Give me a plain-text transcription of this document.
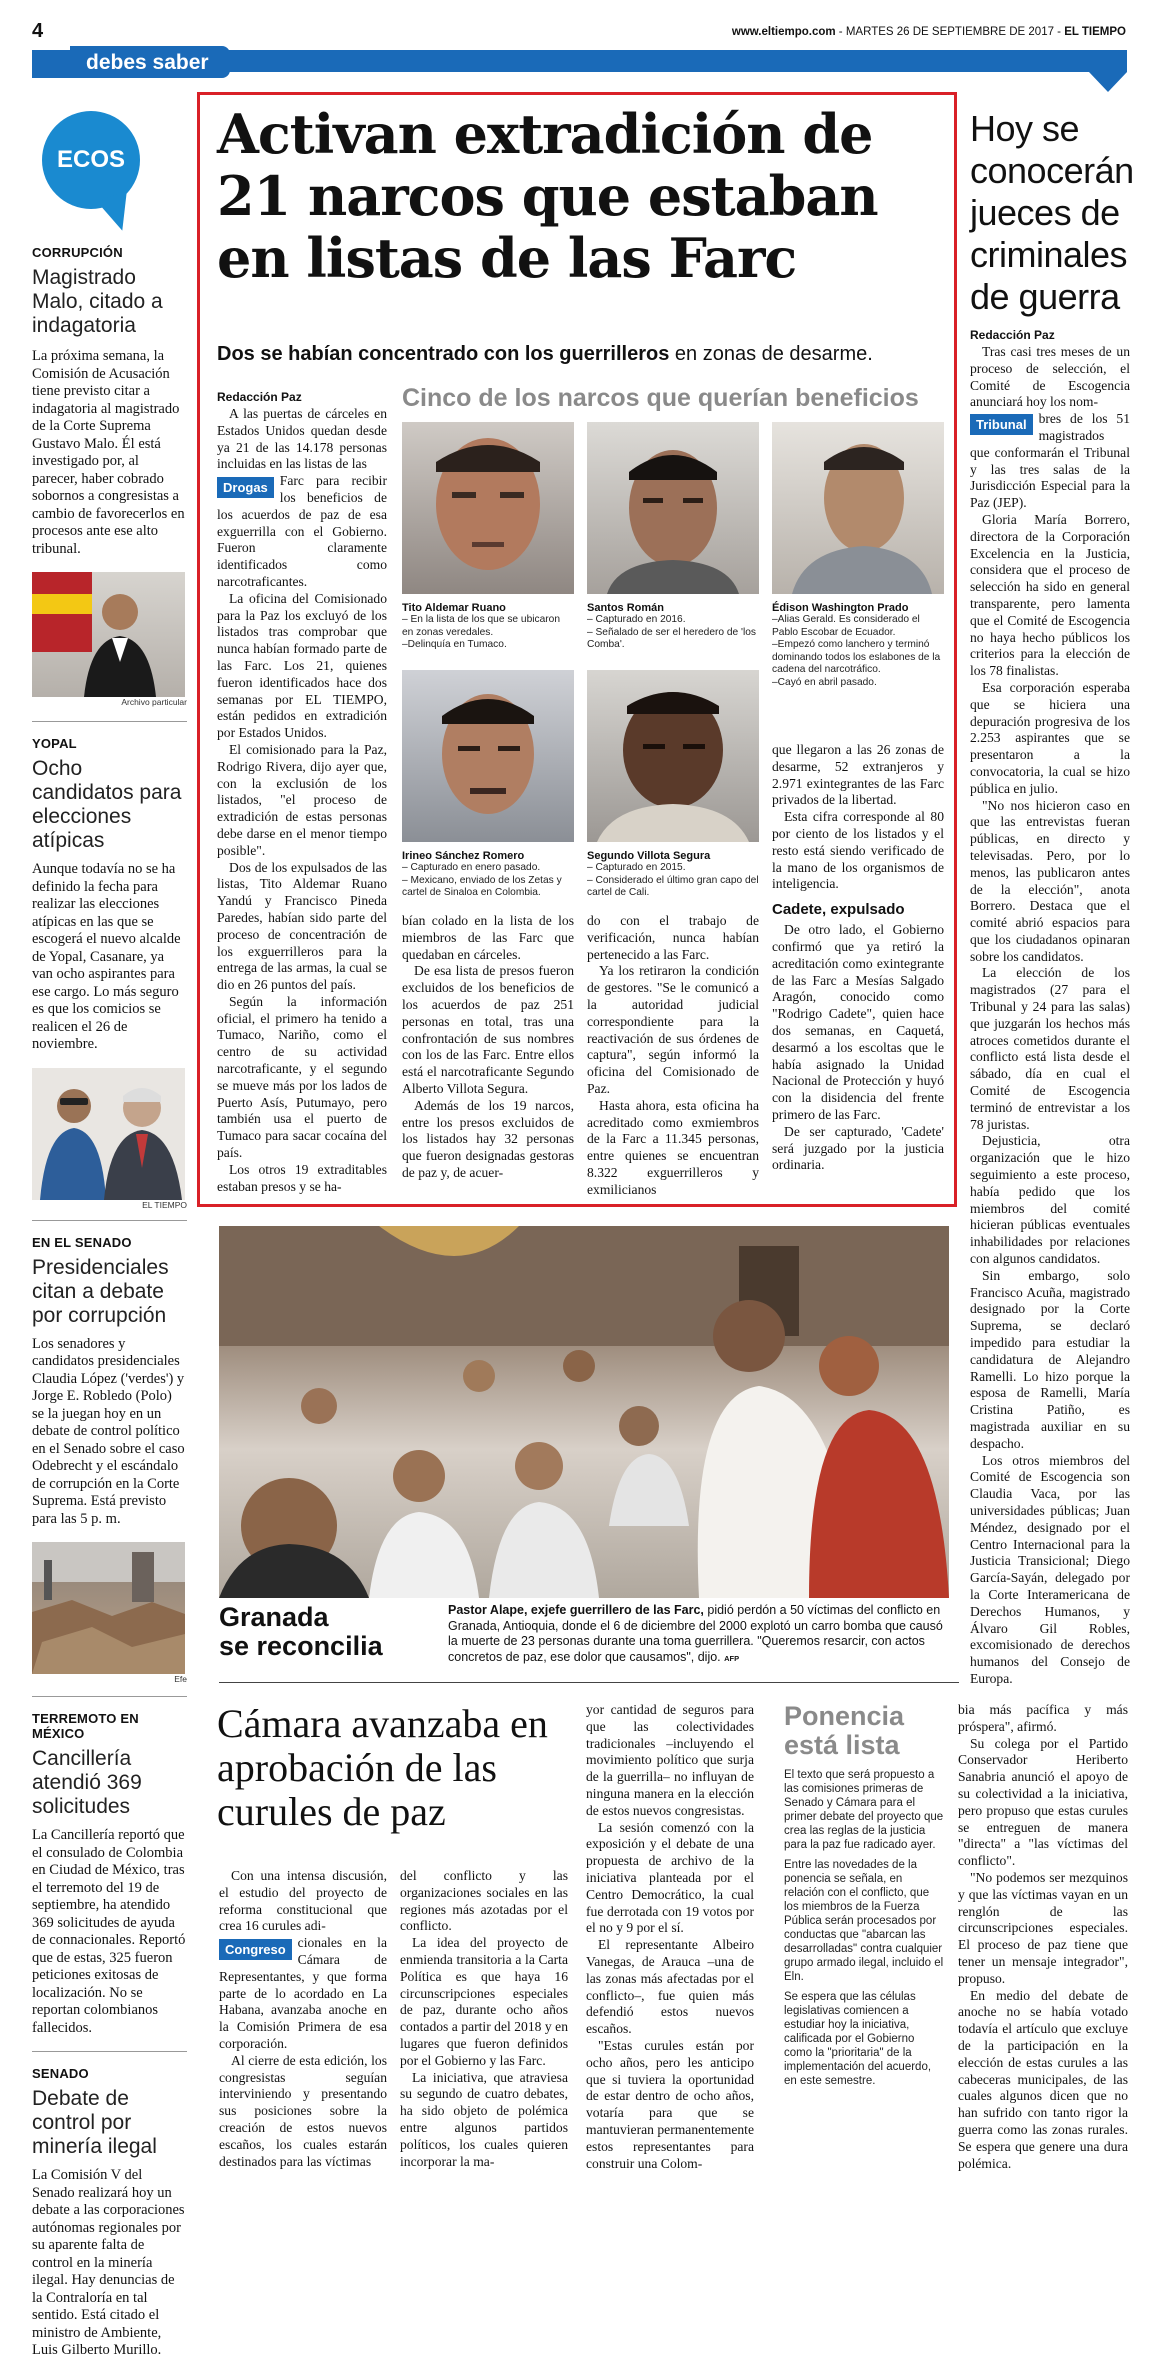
4	www.eltiempo.com - MARTES 26 DE SEPTIEMBRE DE 2017 - EL TIEMPO
debes saber
ECOS
CORRUPCIÓN
Magistrado Malo, citado a indagatoria
La próxima semana, la Comisión de Acusación tiene previsto citar a indagatoria al magistrado de la Corte Suprema Gustavo Malo. Él está investigado por, al parecer, haber cobrado sobornos a congresistas a cambio de favorecerlos en procesos ante ese alto tribunal.
Archivo particular
YOPAL
Ocho candidatos para elecciones atípicas
Aunque todavía no se ha definido la fecha para realizar las elecciones atípicas en las que se escogerá el nuevo alcalde de Yopal, Casanare, ya van ocho aspirantes para ese cargo. Lo más seguro es que los comicios se realicen el 26 de noviembre.
EL TIEMPO
EN EL SENADO
Presidenciales citan a debate por corrupción
Los senadores y candidatos presidenciales Claudia López ('verdes') y Jorge E. Robledo (Polo) se la juegan hoy en un debate de control político en el Senado sobre el caso Odebrecht y el escándalo de corrupción en la Corte Suprema. Está previsto para las 5 p. m.
Efe
TERREMOTO EN MÉXICO
Cancillería atendió 369 solicitudes
La Cancillería reportó que el consulado de Colombia en Ciudad de México, tras el terremoto del 19 de septiembre, ha atendido 369 solicitudes de ayuda de connacionales. Reportó que de estas, 325 fueron peticiones exitosas de localización. No se reportan colombianos fallecidos.
SENADO
Debate de control por minería ilegal
La Comisión V del Senado realizará hoy un debate a las corporaciones autónomas regionales por su aparente falta de control en la minería ilegal. Hay denuncias de la Contraloría en tal sentido. Está citado el ministro de Ambiente, Luis Gilberto Murillo.
Activan extradición de 21 narcos que estaban en listas de las Farc
Dos se habían concentrado con los guerrilleros en zonas de desarme.
Redacción Paz

A las puertas de cárceles en Estados Unidos quedan desde ya 21 de las 14.178 personas incluidas en las listas de las

Drogas Farc para recibir los beneficios de los acuerdos de paz de esa exguerrilla con el Gobierno. Fueron claramente identificados como narcotraficantes.

La oficina del Comisionado para la Paz los excluyó de los listados tras comprobar que nunca habían formado parte de las Farc. Los 21, quienes fueron identificados hace dos semanas por EL TIEMPO, están pedidos en extradición por Estados Unidos.

El comisionado para la Paz, Rodrigo Rivera, dijo ayer que, con la exclusión de los listados, "el proceso de extradición de estas personas debe darse en el menor tiempo posible".

Dos de los expulsados de las listas, Tito Aldemar Ruano Yandú y Francisco Pineda Paredes, habían sido parte del proceso de concentración de los exguerrilleros para la entrega de las armas, la cual se dio en 26 puntos del país.

Según la información oficial, el primero ha tenido a Tumaco, Nariño, como el centro de su actividad narcotraficante, y el segundo se mueve más por los lados de Puerto Asís, Putumayo, pero también usa el puerto de Tumaco para sacar cocaína del país.

Los otros 19 extraditables estaban presos y se ha-

Cinco de los narcos que querían beneficios
Tito Aldemar Ruano
– En la lista de los que se ubicaron en zonas veredales.
–Delinquía en Tumaco.
Santos Román
– Capturado en 2016.
– Señalado de ser el heredero de 'los Comba'.
Édison Washington Prado
–Alias Gerald. Es considerado el Pablo Escobar de Ecuador.
–Empezó como lanchero y terminó dominando todos los eslabones de la cadena del narcotráfico.
–Cayó en abril pasado.
Irineo Sánchez Romero
– Capturado en enero pasado.
– Mexicano, enviado de los Zetas y cartel de Sinaloa en Colombia.
Segundo Villota Segura
– Capturado en 2015.
– Considerado el último gran capo del cartel de Cali.

bían colado en la lista de los miembros de las Farc que quedaban en cárceles.

De esa lista de presos fueron excluidos de los beneficios de los acuerdos de paz 251 personas en total, tras una confrontación de sus nombres con los de las Farc. Entre ellos está el narcotraficante Segundo Alberto Villota Segura.

Además de los 19 narcos, entre los presos excluidos de los listados hay 32 personas que fueron designadas gestoras de paz y, de acuer-

do con el trabajo de verificación, nunca habían pertenecido a las Farc.

Ya los retiraron la condición de gestores. "Se le comunicó a la autoridad judicial correspondiente para la reactivación de sus órdenes de captura", según informó la oficina del Comisionado de Paz.

Hasta ahora, esta oficina ha acreditado como exmiembros de la Farc a 11.345 personas, entre quienes se encuentran 8.322 exguerrilleros y exmilicianos

que llegaron a las 26 zonas de desarme, 52 extranjeros y 2.971 exintegrantes de las Farc privados de la libertad.

Esta cifra corresponde al 80 por ciento de los listados y el resto está siendo verificado de la mano de los organismos de inteligencia.

Cadete, expulsado

De otro lado, el Gobierno confirmó que ya retiró la acreditación como exintegrante de las Farc a Mesías Salgado Aragón, conocido como "Rodrigo Cadete", quien hace dos semanas, en Caquetá, desarmó a los escoltas que le había asignado la Unidad Nacional de Protección y huyó con la disidencia del frente primero de las Farc.

De ser capturado, 'Cadete' será juzgado por la justicia ordinaria.

Hoy se conocerán jueces de criminales de guerra
Redacción Paz

Tras casi tres meses de un proceso de selección, el Comité de Escogencia anunciará hoy los nom-

Tribunal bres de los 51 magistrados

que conformarán el Tribunal y las tres salas de la Jurisdicción Especial para la Paz (JEP).

Gloria María Borrero, directora de la Corporación Excelencia en la Justicia, considera que el proceso de selección ha sido en general transparente, pero lamenta que el Comité de Escogencia no haya hecho públicos los criterios para la elección de los 78 finalistas.

Esa corporación esperaba que se hiciera una depuración progresiva de los 2.253 aspirantes que se presentaron a la convocatoria, la cual se hizo pública en julio.

"No nos hicieron caso en que las entrevistas fueran públicas, en directo y televisadas. Pero, por lo menos, las publicaron antes de la elección", anota Borrero. Destaca que el comité abrió espacios para que los ciudadanos opinaran sobre los candidatos.

La elección de los magistrados (27 para el Tribunal y 24 para las salas) que juzgarán los hechos más atroces cometidos durante el conflicto está lista desde el sábado, día en cual el Comité de Escogencia terminó de entrevistar a los 78 juristas.

Dejusticia, otra organización que le hizo seguimiento a este proceso, había pedido que los miembros del comité hicieran públicas eventuales inhabilidades por relaciones con algunos candidatos.

Sin embargo, solo Francisco Acuña, magistrado designado por la Corte Suprema, se declaró impedido para estudiar la candidatura de Alejandro Ramelli. Lo hizo porque la esposa de Ramelli, María Cristina Patiño, es magistrada auxiliar en su despacho.

Los otros miembros del Comité de Escogencia son Claudia Vaca, por las universidades públicas; Juan Méndez, designado por el Centro Internacional para la Justicia Transicional; Diego García-Sayán, delegado por la Corte Interamericana de Derechos Humanos, y Álvaro Gil Robles, excomisionado de derechos humanos del Consejo de Europa.

Granada
se reconcilia
Pastor Alape, exjefe guerrillero de las Farc, pidió perdón a 50 víctimas del conflicto en Granada, Antioquia, donde el 6 de diciembre del 2000 explotó un carro bomba que causó la muerte de 23 personas durante una toma guerrillera. "Queremos resarcir, con actos concretos de paz, ese dolor que causamos", dijo. AFP
Cámara avanzaba en aprobación de las curules de paz

Con una intensa discusión, el estudio del proyecto de reforma constitucional que crea 16 curules adi-

Congreso cionales en la Cámara de Representantes, y que forma parte de lo acordado en La Habana, avanzaba anoche en la Comisión Primera de esa corporación.

Al cierre de esta edición, los congresistas seguían interviniendo y presentando sus posiciones sobre la creación de estos nuevos escaños, los cuales estarán destinados para las víctimas

del conflicto y las organizaciones sociales en las regiones más azotadas por el conflicto.

La idea del proyecto de enmienda transitoria a la Carta Política es que haya 16 circunscripciones especiales de paz, durante ocho años contados a partir del 2018 y en lugares que fueron definidos por el Gobierno y las Farc.

La iniciativa, que atraviesa su segundo de cuatro debates, ha sido objeto de polémica entre algunos partidos políticos, los cuales quieren incorporar la ma-

yor cantidad de seguros para que las colectividades tradicionales –incluyendo el movimiento político que surja de la guerrilla– no influyan de ninguna manera en la elección de estos nuevos congresistas.

La sesión comenzó con la exposición y el debate de una propuesta de archivo de la iniciativa planteada por el Centro Democrático, la cual fue derrotada con 19 votos por el no y 9 por el sí.

El representante Albeiro Vanegas, de Arauca –una de las zonas más afectadas por el conflicto–, fue quien más defendió estos nuevos escaños.

"Estas curules están por ocho años, pero les anticipo que si tuviera la oportunidad de estar dentro de ocho años, votaría para que se mantuvieran permanentemente estos representantes para construir una Colom-

Ponencia está lista

El texto que será propuesto a las comisiones primeras de Senado y Cámara para el primer debate del proyecto que crea las reglas de la justicia para la paz fue radicado ayer.

Entre las novedades de la ponencia se señala, en relación con el conflicto, que los miembros de la Fuerza Pública serán procesados por conductas que "abarcan las desarrolladas" contra cualquier grupo armado ilegal, incluido el Eln.

Se espera que las células legislativas comiencen a estudiar hoy la iniciativa, calificada por el Gobierno como la "prioritaria" de la implementación del acuerdo, en este semestre.

bia más pacífica y más próspera", afirmó.

Su colega por el Partido Conservador Heriberto Sanabria anunció el apoyo de su colectividad a la iniciativa, pero propuso que estas curules se entreguen de manera "directa" a "las víctimas del conflicto".

"No podemos ser mezquinos y que las víctimas vayan en un renglón de las circunscripciones especiales. El proceso de paz tiene que tener un mensaje integrador", propuso.

En medio del debate de anoche no se había votado todavía el artículo que excluye de la participación en la elección de estas curules a las cabeceras municipales, de las cuales algunos dicen que no han sufrido con tanto rigor la guerra como las zonas rurales. Se espera que genere una dura polémica.
